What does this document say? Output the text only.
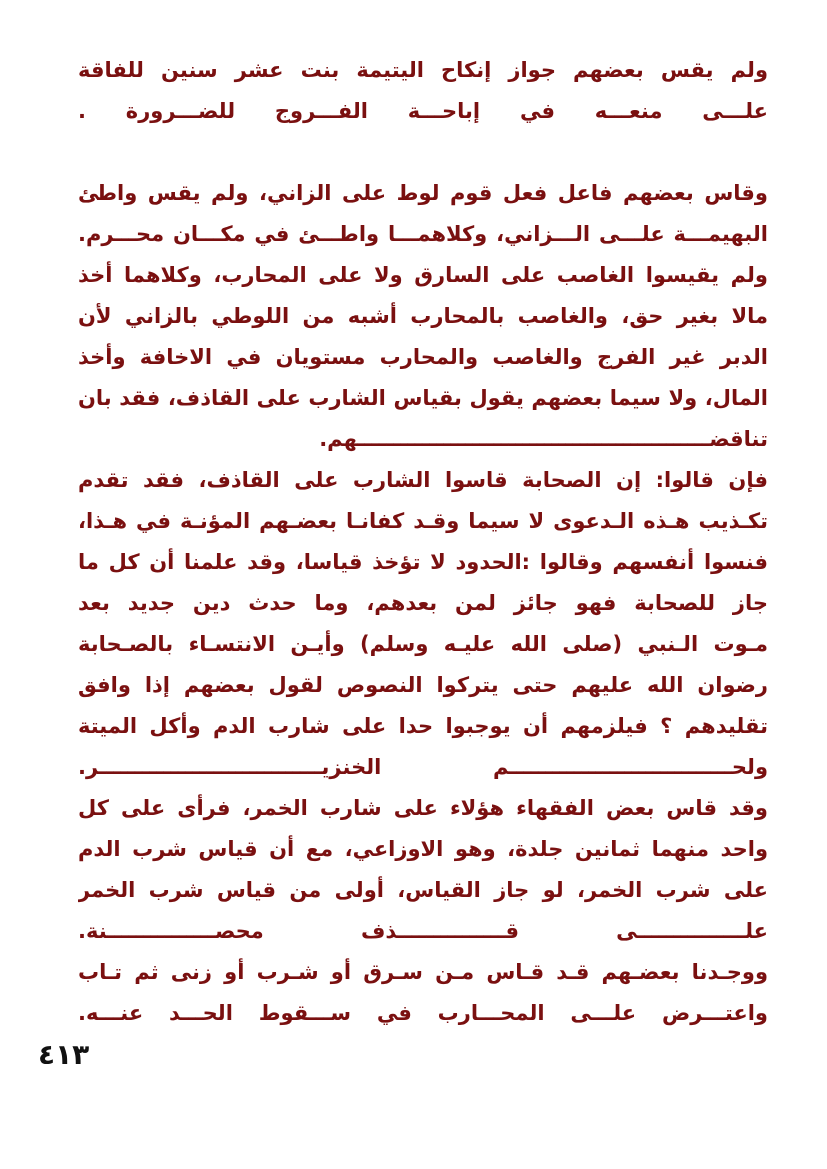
ولم يقس بعضهم جواز إنكاح اليتيمة بنت عشر سنين للفاقة
علـــى منعـــه في إباحـــة الفـــروج للضـــرورة .
وقاس بعضهم فاعل فعل قوم لوط على الزاني، ولم يقس واطئ
البهيمـــة علـــى الـــزاني، وكلاهمـــا واطـــئ في مكـــان محـــرم.
ولم يقيسوا الغاصب على السارق ولا على المحارب، وكلاهما أخذ
مالا بغير حق، والغاصب بالمحارب أشبه من اللوطي بالزاني لأن
الدبر غير الفرج والغاصب والمحارب مستويان في الاخافة وأخذ
المال، ولا سيما بعضهم يقول بقياس الشارب على القاذف، فقد بان
تناقضـــــــــــــــــــــــــــــــــــــــــــــــــهم.
فإن قالوا: إن الصحابة قاسوا الشارب على القاذف، فقد تقدم
تكـذيب هـذه الـدعوى لا سيما وقـد كفانـا بعضـهم المؤنـة في هـذا،
فنسوا أنفسهم وقالوا :الحدود لا تؤخذ قياسا، وقد علمنا أن كل ما
جاز للصحابة فهو جائز لمن بعدهم، وما حدث دين جديد بعد
مـوت الـنبي (صلى الله عليـه وسلم) وأيـن الانتسـاء بالصـحابة
رضوان الله عليهم حتى يتركوا النصوص لقول بعضهم إذا وافق
تقليدهم ؟ فيلزمهم أن يوجبوا حدا على شارب الدم وأكل الميتة
ولحـــــــــــــــــــــــــــــــم الخنزيـــــــــــــــــــــــــــــــر.
وقد قاس بعض الفقهاء هؤلاء على شارب الخمر، فرأى على كل
واحد منهما ثمانين جلدة، وهو الاوزاعي، مع أن قياس شرب الدم
على شرب الخمر، لو جاز القياس، أولى من قياس شرب الخمر
علـــــــــــــــى قـــــــــــــــذف محصـــــــــــــــنة.
ووجـدنا بعضـهم قـد قـاس مـن سـرق أو شـرب أو زنى ثم تـاب
واعتـــرض علـــى المحـــارب في ســـقوط الحـــد عنـــه.
٤١٣
